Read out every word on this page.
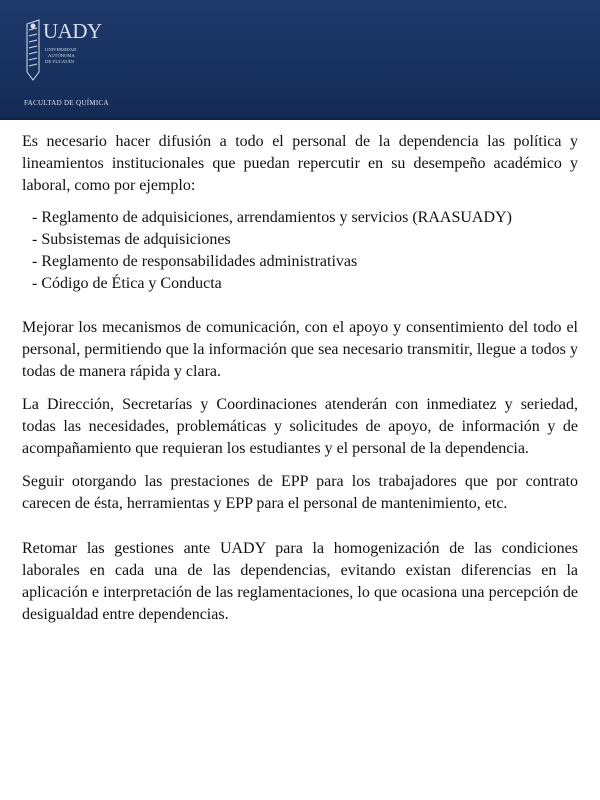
UADY
UNIVERSIDAD
AUTÓNOMA
DE YUCATÁN
FACULTAD DE QUÍMICA

Es necesario hacer difusión a todo el personal de la dependencia las política y lineamientos institucionales que puedan repercutir en su desempeño académico y laboral, como por ejemplo:

- Reglamento de adquisiciones, arrendamientos y servicios (RAASUADY)
- Subsistemas de adquisiciones
- Reglamento de responsabilidades administrativas
- Código de Ética y Conducta

Mejorar los mecanismos de comunicación, con el apoyo y consentimiento del todo el personal, permitiendo que la información que sea necesario transmitir, llegue a todos y todas de manera rápida y clara.

La Dirección, Secretarías y Coordinaciones atenderán con inmediatez y seriedad, todas las necesidades, problemáticas y solicitudes de apoyo, de información y de acompañamiento que requieran los estudiantes y el personal de la dependencia.

Seguir otorgando las prestaciones de EPP para los trabajadores que por contrato carecen de ésta, herramientas y EPP para el personal de mantenimiento, etc.

Retomar las gestiones ante UADY para la homogenización de las condiciones laborales en cada una de las dependencias, evitando existan diferencias en la aplicación e interpretación de las reglamentaciones, lo que ocasiona una percepción de desigualdad entre dependencias.
